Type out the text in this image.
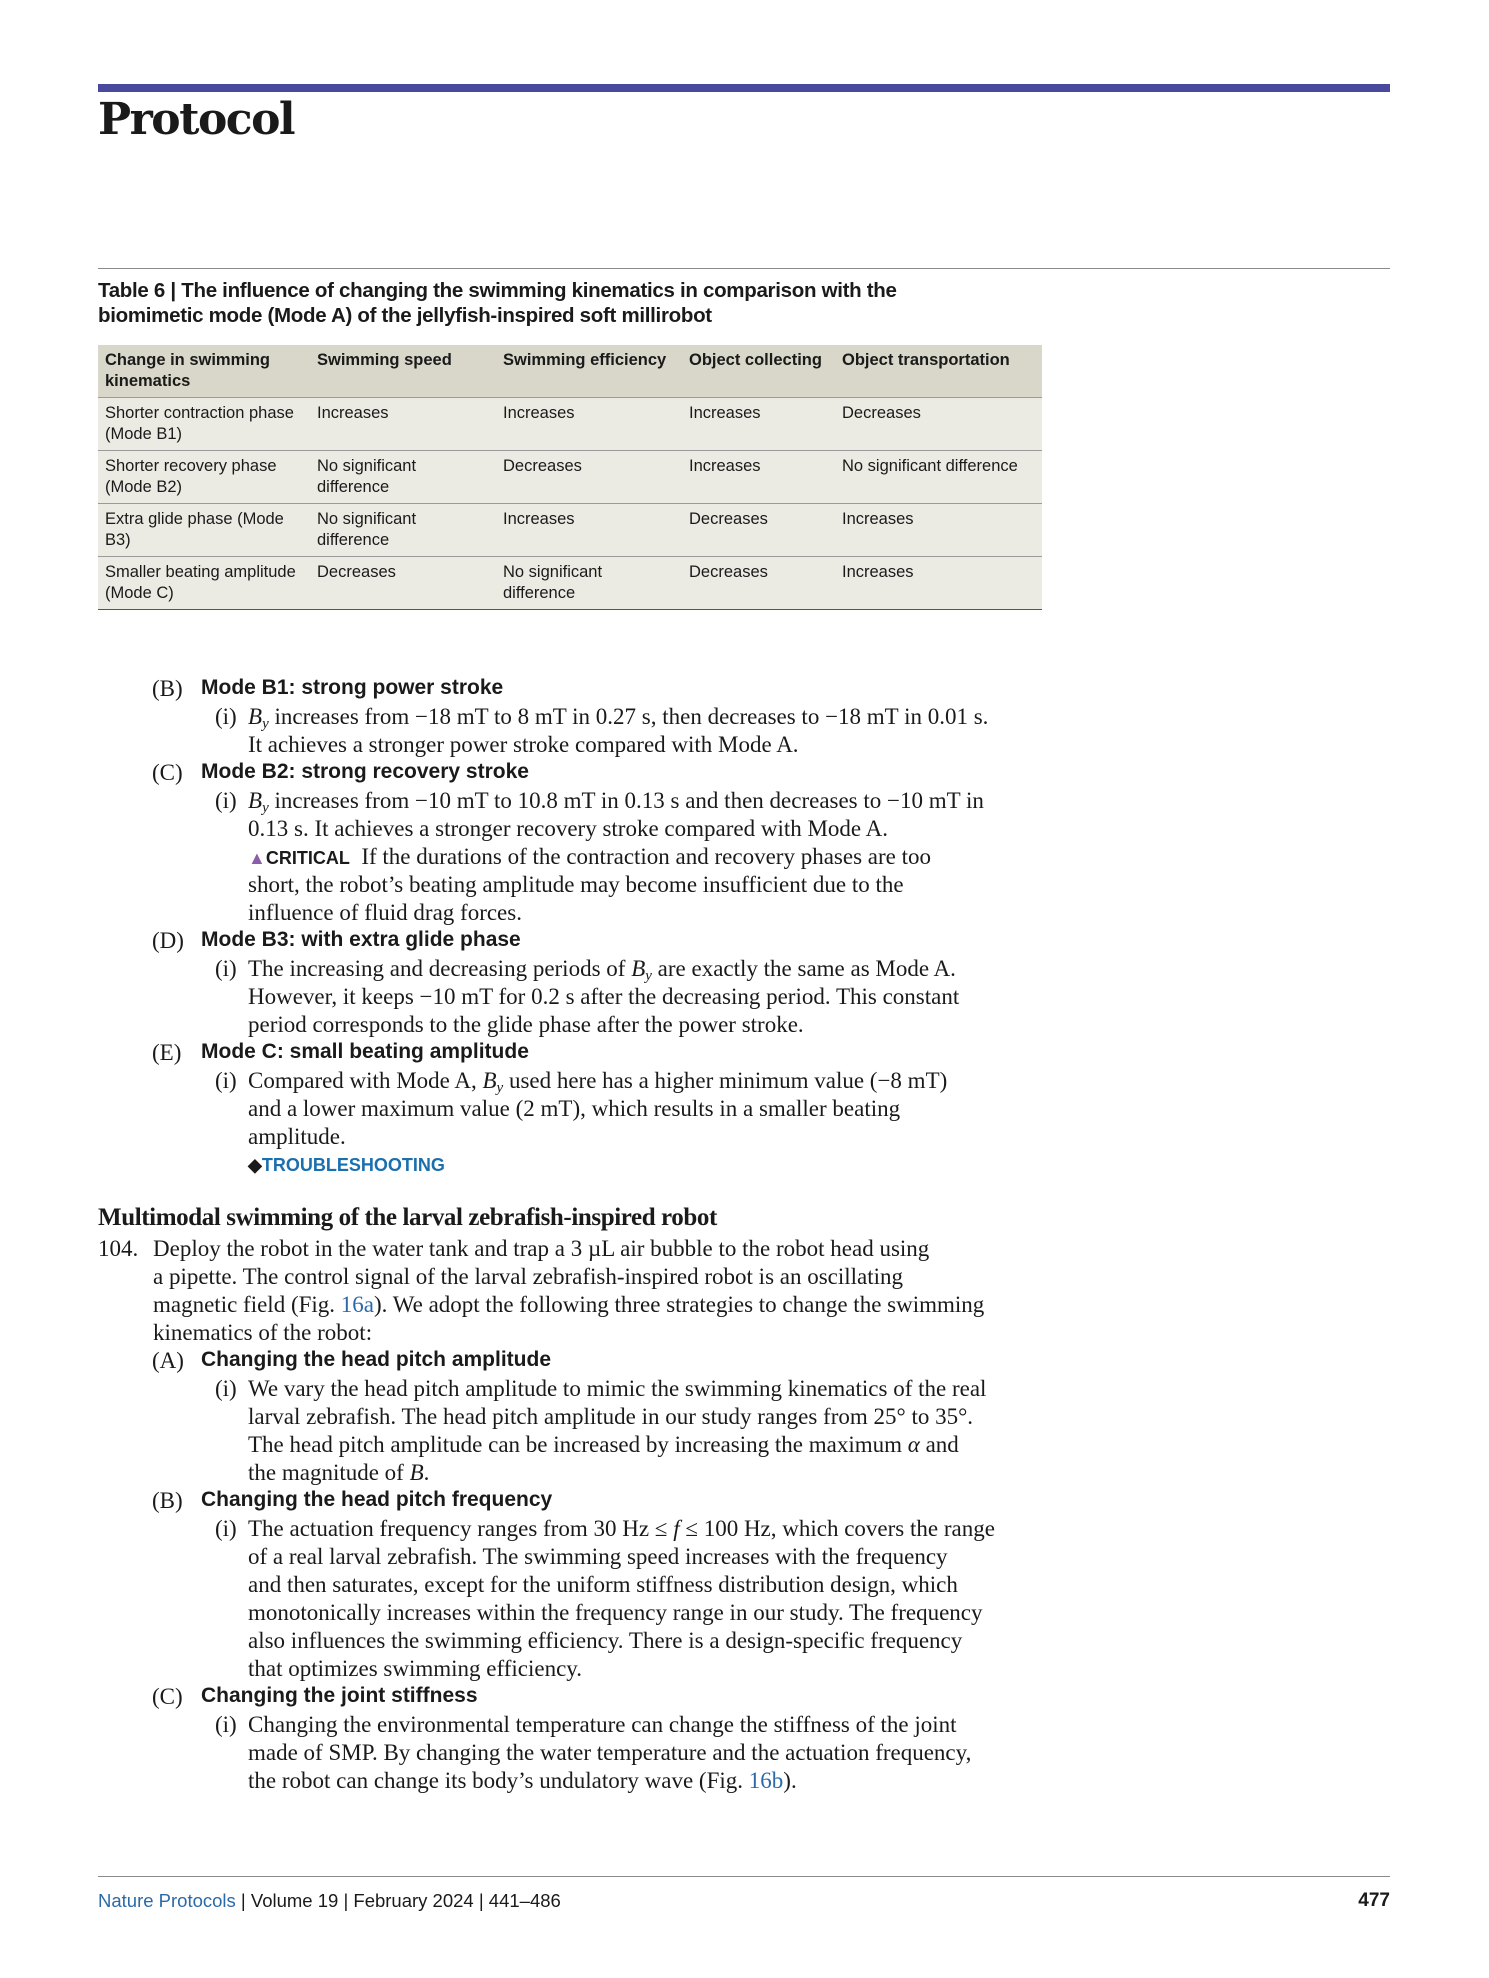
Protocol
Table 6 | The influence of changing the swimming kinematics in comparison with the
biomimetic mode (Mode A) of the jellyfish-inspired soft millirobot
Change in swimming kinematics	Swimming speed	Swimming efficiency	Object collecting	Object transportation
Shorter contraction phase (Mode B1)	Increases	Increases	Increases	Decreases
Shorter recovery phase (Mode B2)	No significant difference	Decreases	Increases	No significant difference
Extra glide phase (Mode B3)	No significant difference	Increases	Decreases	Increases
Smaller beating amplitude (Mode C)	Decreases	No significant difference	Decreases	Increases
(B) Mode B1: strong power stroke
(i) $B_y$ increases from −18 mT to 8 mT in 0.27 s, then decreases to −18 mT in 0.01 s.
It achieves a stronger power stroke compared with Mode A.
(C) Mode B2: strong recovery stroke
(i) $B_y$ increases from −10 mT to 10.8 mT in 0.13 s and then decreases to −10 mT in
0.13 s. It achieves a stronger recovery stroke compared with Mode A.
▲CRITICAL If the durations of the contraction and recovery phases are too
short, the robot’s beating amplitude may become insufficient due to the
influence of fluid drag forces.
(D) Mode B3: with extra glide phase
(i) The increasing and decreasing periods of $B_y$ are exactly the same as Mode A.
However, it keeps −10 mT for 0.2 s after the decreasing period. This constant
period corresponds to the glide phase after the power stroke.
(E) Mode C: small beating amplitude
(i) Compared with Mode A, $B_y$ used here has a higher minimum value (−8 mT)
and a lower maximum value (2 mT), which results in a smaller beating
amplitude.
◆TROUBLESHOOTING
Multimodal swimming of the larval zebrafish-inspired robot
104. Deploy the robot in the water tank and trap a 3 µL air bubble to the robot head using
a pipette. The control signal of the larval zebrafish-inspired robot is an oscillating
magnetic field (Fig. 16a). We adopt the following three strategies to change the swimming
kinematics of the robot:
(A) Changing the head pitch amplitude
(i) We vary the head pitch amplitude to mimic the swimming kinematics of the real
larval zebrafish. The head pitch amplitude in our study ranges from 25° to 35°.
The head pitch amplitude can be increased by increasing the maximum α and
the magnitude of B.
(B) Changing the head pitch frequency
(i) The actuation frequency ranges from 30 Hz ≤ f ≤ 100 Hz, which covers the range
of a real larval zebrafish. The swimming speed increases with the frequency
and then saturates, except for the uniform stiffness distribution design, which
monotonically increases within the frequency range in our study. The frequency
also influences the swimming efficiency. There is a design-specific frequency
that optimizes swimming efficiency.
(C) Changing the joint stiffness
(i) Changing the environmental temperature can change the stiffness of the joint
made of SMP. By changing the water temperature and the actuation frequency,
the robot can change its body’s undulatory wave (Fig. 16b).
Nature Protocols | Volume 19 | February 2024 | 441–486	477
